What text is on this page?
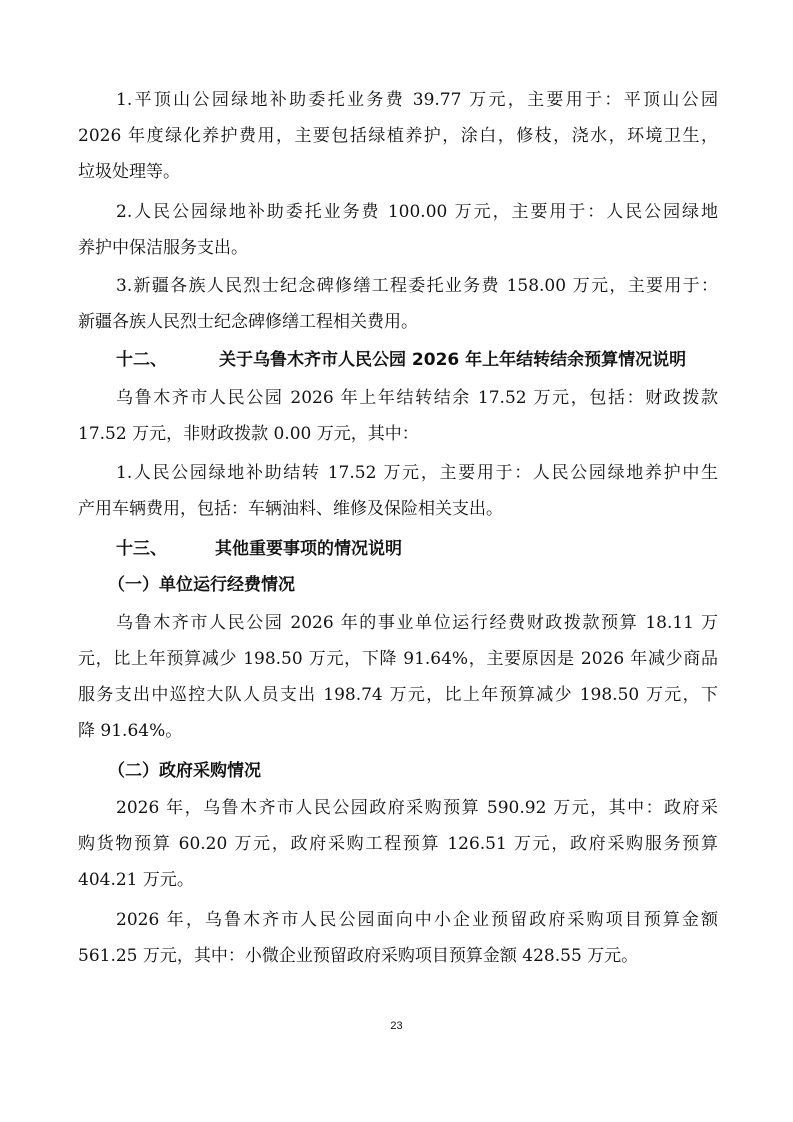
1.平顶山公园绿地补助委托业务费 39.77 万元，主要用于：平顶山公园
2026 年度绿化养护费用，主要包括绿植养护，涂白，修枝，浇水，环境卫生，
垃圾处理等。
2.人民公园绿地补助委托业务费 100.00 万元，主要用于：人民公园绿地
养护中保洁服务支出。
3.新疆各族人民烈士纪念碑修缮工程委托业务费 158.00 万元，主要用于：
新疆各族人民烈士纪念碑修缮工程相关费用。
十二、	关于乌鲁木齐市人民公园 2026 年上年结转结余预算情况说明
乌鲁木齐市人民公园 2026 年上年结转结余 17.52 万元，包括：财政拨款
17.52 万元，非财政拨款 0.00 万元，其中：
1.人民公园绿地补助结转 17.52 万元，主要用于：人民公园绿地养护中生
产用车辆费用，包括：车辆油料、维修及保险相关支出。
十三、	其他重要事项的情况说明
（一）单位运行经费情况
乌鲁木齐市人民公园 2026 年的事业单位运行经费财政拨款预算 18.11 万
元，比上年预算减少 198.50 万元，下降 91.64%，主要原因是 2026 年减少商品
服务支出中巡控大队人员支出 198.74 万元，比上年预算减少 198.50 万元，下
降 91.64%。
（二）政府采购情况
2026 年，乌鲁木齐市人民公园政府采购预算 590.92 万元，其中：政府采
购货物预算 60.20 万元，政府采购工程预算 126.51 万元，政府采购服务预算
404.21 万元。
2026 年，乌鲁木齐市人民公园面向中小企业预留政府采购项目预算金额
561.25 万元，其中：小微企业预留政府采购项目预算金额 428.55 万元。
23
